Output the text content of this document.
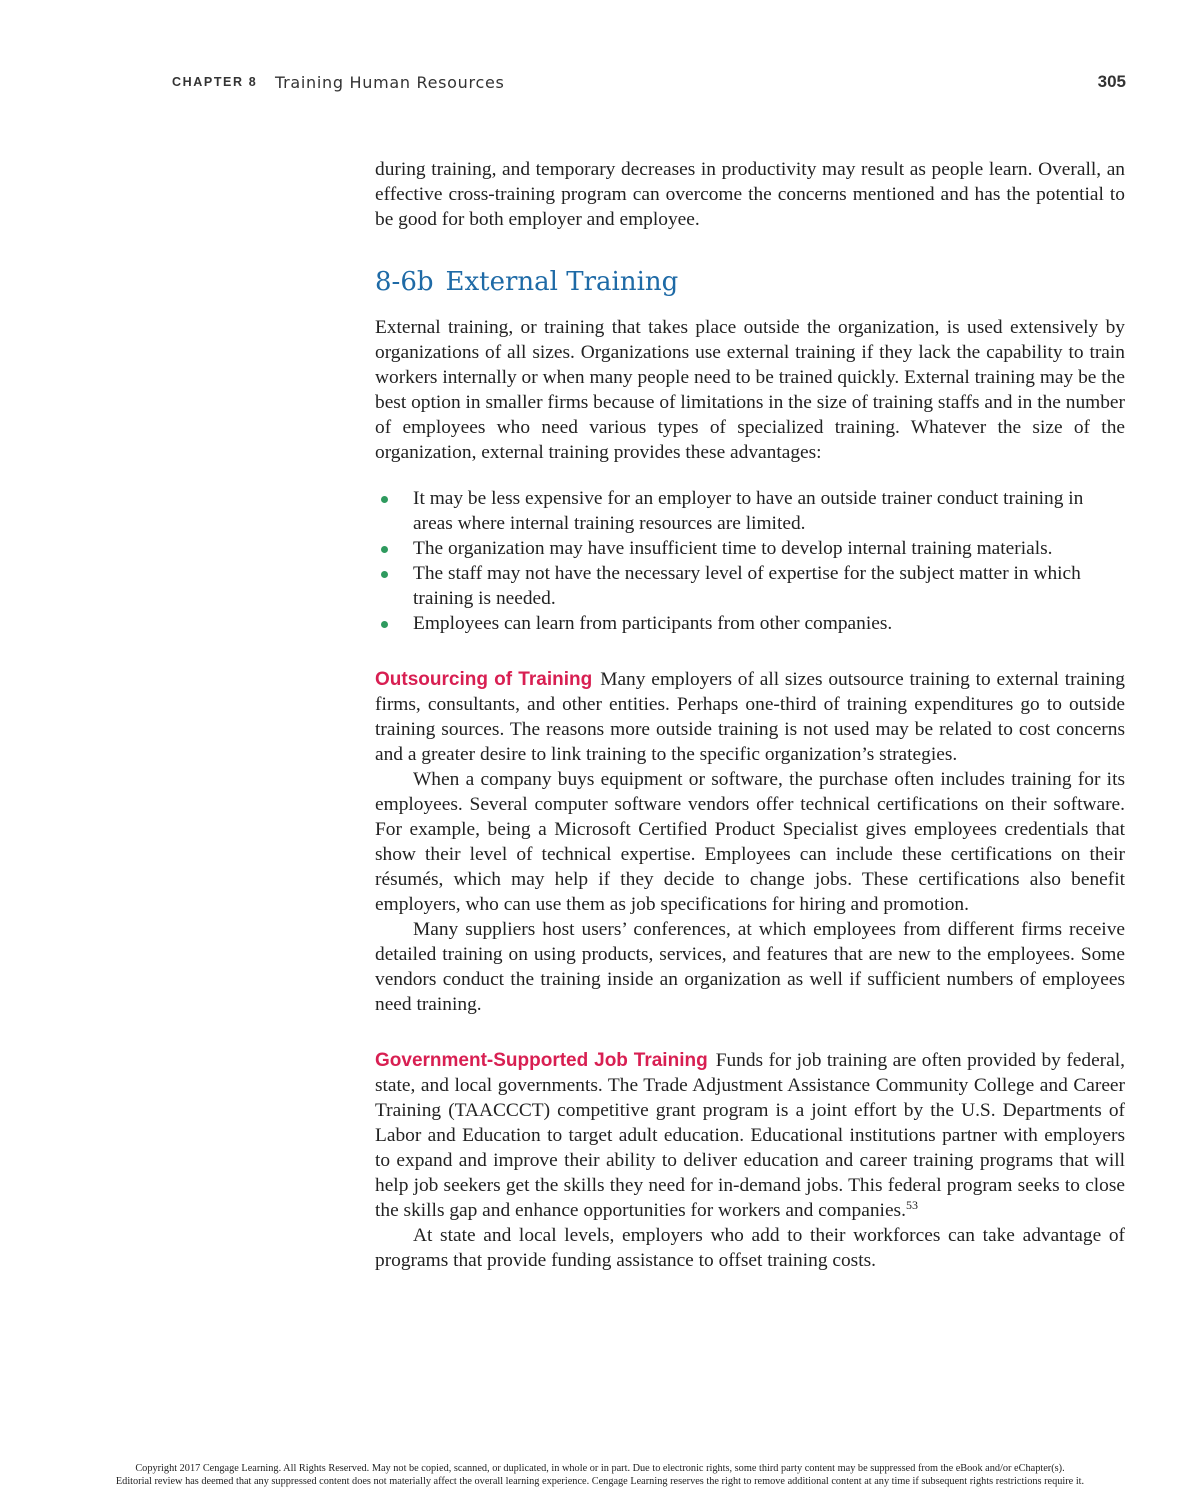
CHAPTER 8 Training Human Resources	305

during training, and temporary decreases in productivity may result as people learn. Overall, an effective cross-training program can overcome the concerns mentioned and has the potential to be good for both employer and employee.

8-6b External Training

External training, or training that takes place outside the organization, is used extensively by organizations of all sizes. Organizations use external training if they lack the capability to train workers internally or when many people need to be trained quickly. External training may be the best option in smaller firms because of limitations in the size of training staffs and in the number of employees who need various types of specialized training. Whatever the size of the organization, external training provides these advantages:

It may be less expensive for an employer to have an outside trainer conduct training in areas where internal training resources are limited.
The organization may have insufficient time to develop internal training materials.
The staff may not have the necessary level of expertise for the subject matter in which training is needed.
Employees can learn from participants from other companies.

Outsourcing of Training Many employers of all sizes outsource training to external training firms, consultants, and other entities. Perhaps one-third of training expenditures go to outside training sources. The reasons more outside training is not used may be related to cost concerns and a greater desire to link training to the specific organization’s strategies.

When a company buys equipment or software, the purchase often includes training for its employees. Several computer software vendors offer technical certifications on their software. For example, being a Microsoft Certified Product Specialist gives employees credentials that show their level of technical expertise. Employees can include these certifications on their résumés, which may help if they decide to change jobs. These certifications also benefit employers, who can use them as job specifications for hiring and promotion.

Many suppliers host users’ conferences, at which employees from different firms receive detailed training on using products, services, and features that are new to the employees. Some vendors conduct the training inside an organization as well if sufficient numbers of employees need training.

Government-Supported Job Training Funds for job training are often provided by federal, state, and local governments. The Trade Adjustment Assistance Community College and Career Training (TAACCCT) competitive grant program is a joint effort by the U.S. Departments of Labor and Education to target adult education. Educational institutions partner with employers to expand and improve their ability to deliver education and career training programs that will help job seekers get the skills they need for in-demand jobs. This federal program seeks to close the skills gap and enhance opportunities for workers and companies.$^{53}$

At state and local levels, employers who add to their workforces can take advantage of programs that provide funding assistance to offset training costs.

Copyright 2017 Cengage Learning. All Rights Reserved. May not be copied, scanned, or duplicated, in whole or in part. Due to electronic rights, some third party content may be suppressed from the eBook and/or eChapter(s).
Editorial review has deemed that any suppressed content does not materially affect the overall learning experience. Cengage Learning reserves the right to remove additional content at any time if subsequent rights restrictions require it.
